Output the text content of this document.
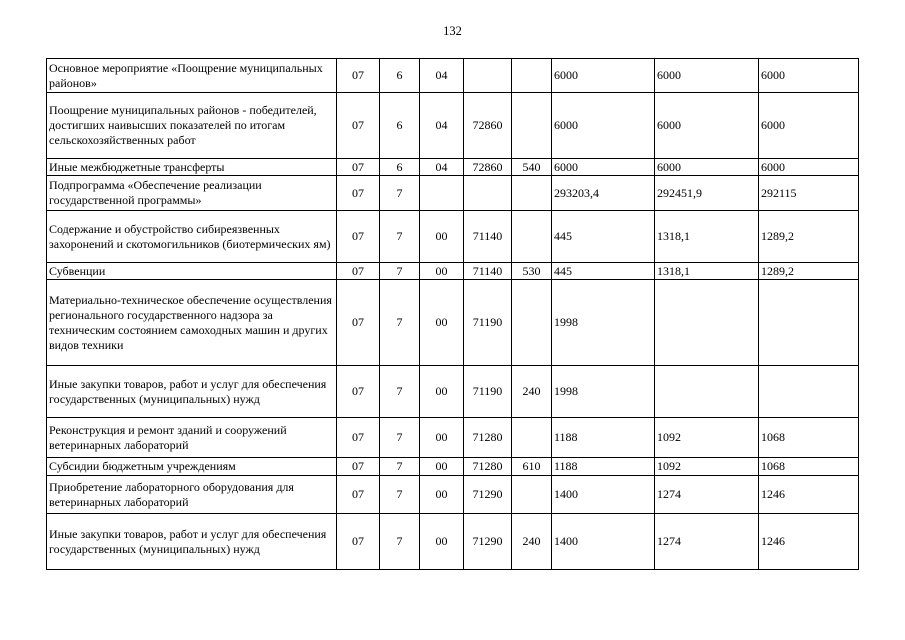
132
Основное мероприятие «Поощрение муниципальных районов»	07	6	04			6000	6000	6000
Поощрение муниципальных районов - победителей, достигших наивысших показателей по итогам сельскохозяйственных работ	07	6	04	72860		6000	6000	6000
Иные межбюджетные трансферты	07	6	04	72860	540	6000	6000	6000
Подпрограмма «Обеспечение реализации государственной программы»	07	7				293203,4	292451,9	292115
Содержание и обустройство сибиреязвенных захоронений и скотомогильников (биотермических ям)	07	7	00	71140		445	1318,1	1289,2
Субвенции	07	7	00	71140	530	445	1318,1	1289,2
Материально-техническое обеспечение осуществления регионального государственного надзора за техническим состоянием самоходных машин и других видов техники	07	7	00	71190		1998		
Иные закупки товаров, работ и услуг для обеспечения государственных (муниципальных) нужд	07	7	00	71190	240	1998		
Реконструкция и ремонт зданий и сооружений ветеринарных лабораторий	07	7	00	71280		1188	1092	1068
Субсидии бюджетным учреждениям	07	7	00	71280	610	1188	1092	1068
Приобретение лабораторного оборудования для ветеринарных лабораторий	07	7	00	71290		1400	1274	1246
Иные закупки товаров, работ и услуг для обеспечения государственных (муниципальных) нужд	07	7	00	71290	240	1400	1274	1246
